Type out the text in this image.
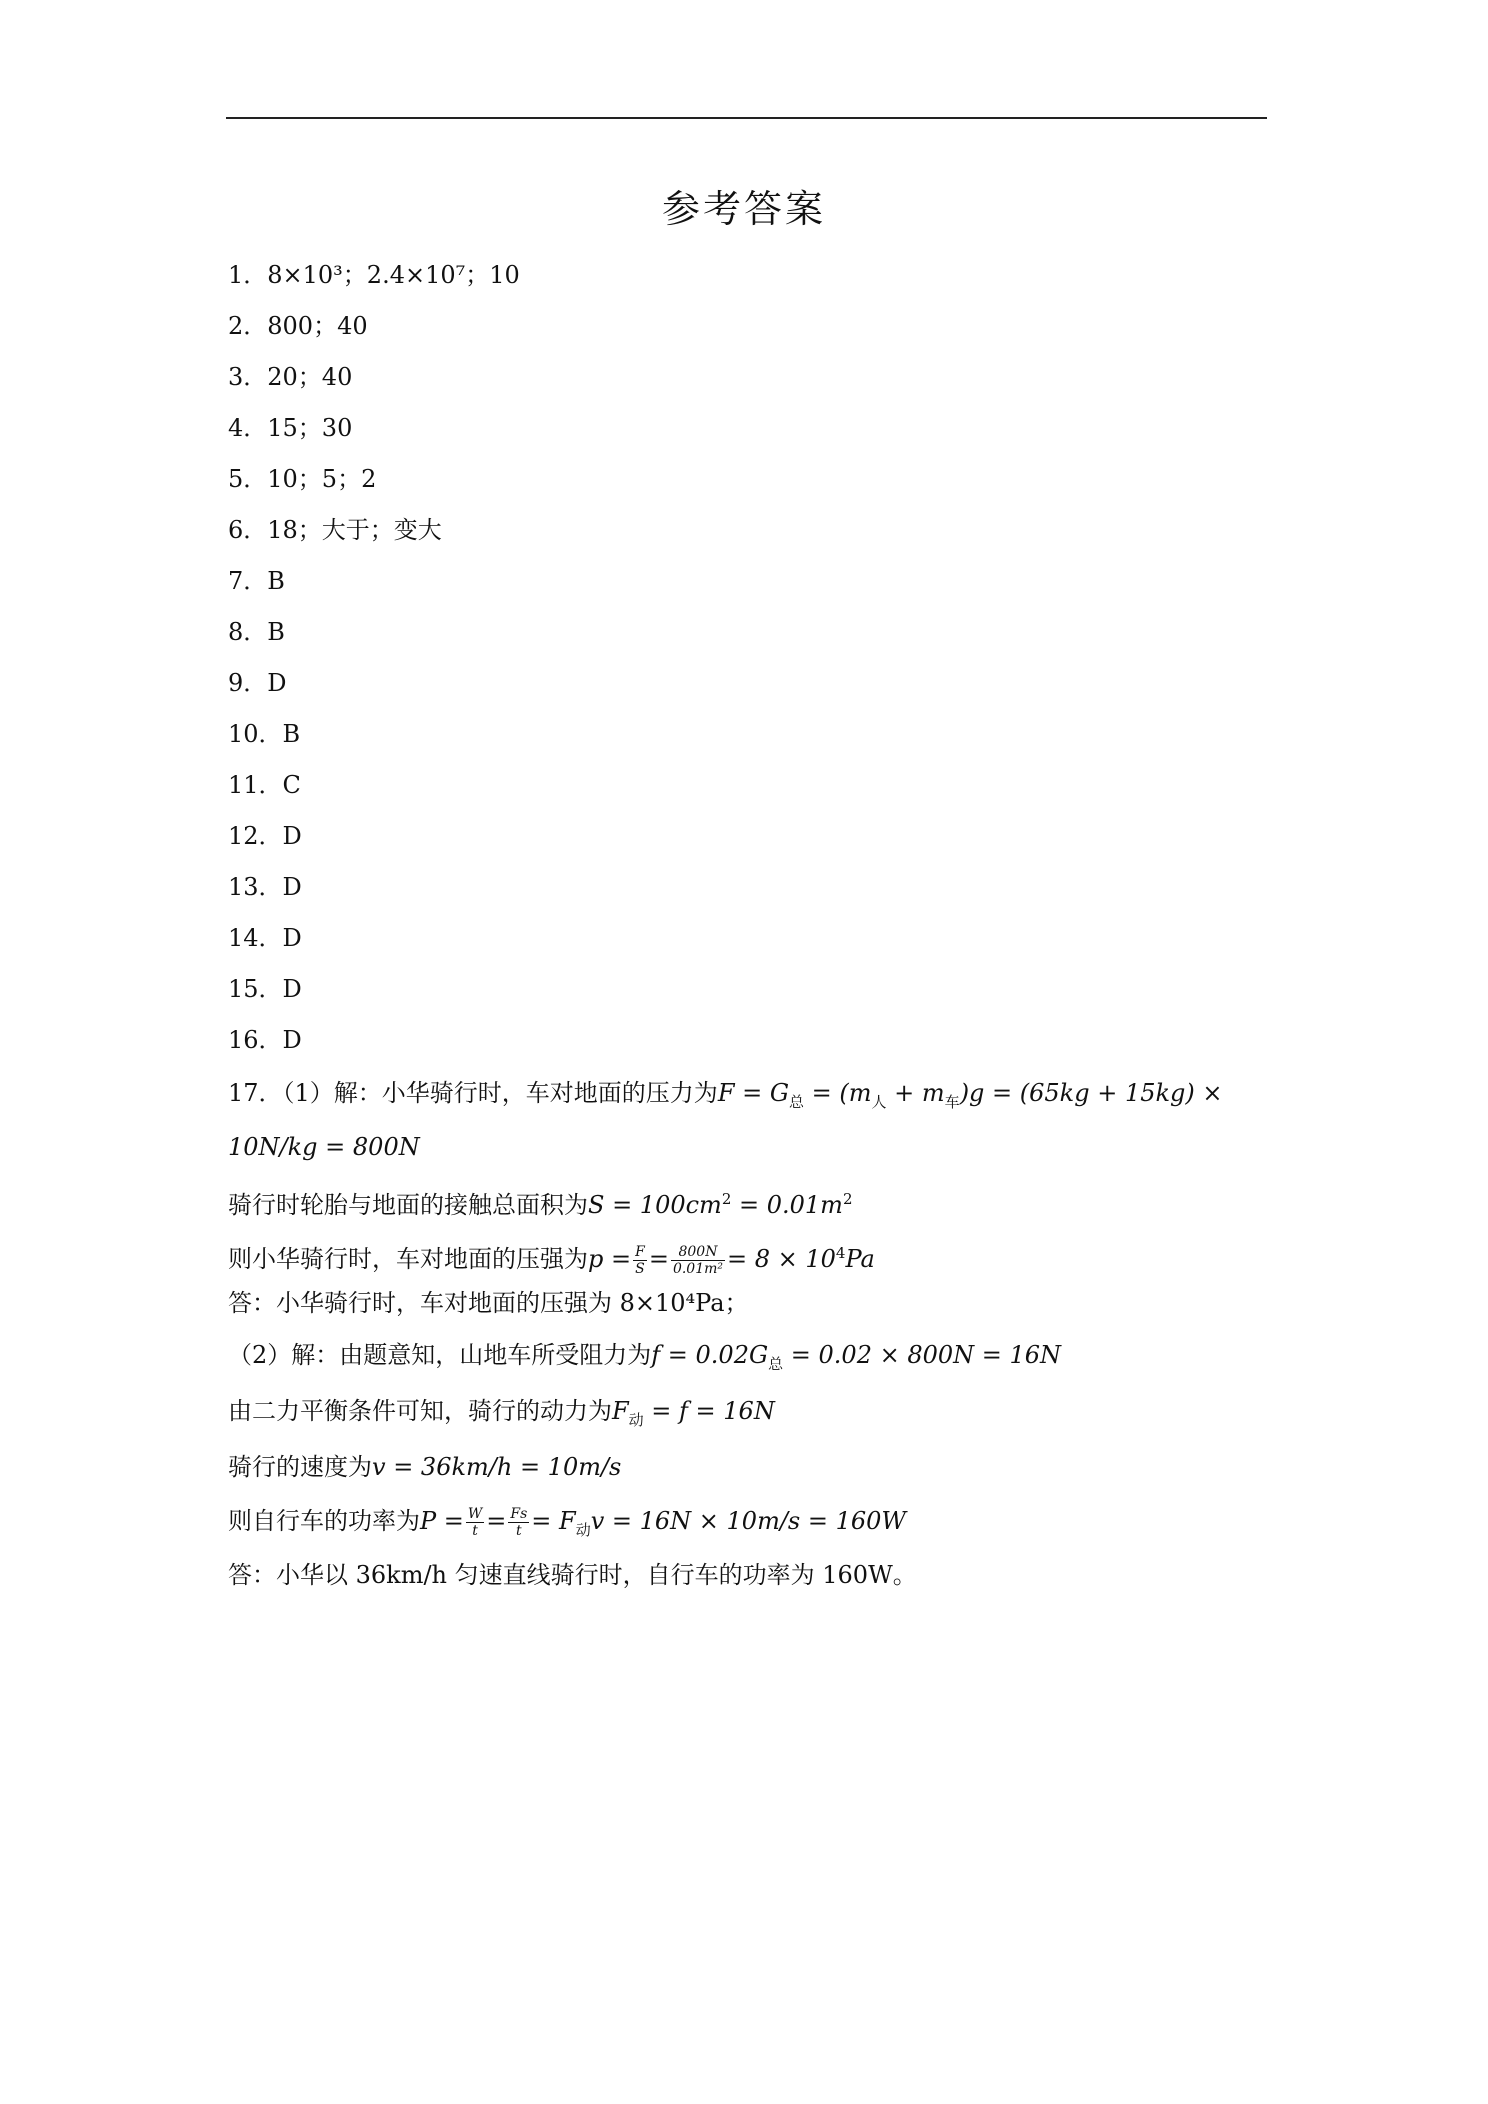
参考答案
1．8×10³；2.4×10⁷；10
2．800；40
3．20；40
4．15；30
5．10；5；2
6．18；大于；变大
7．B
8．B
9．D
10．B
11．C
12．D
13．D
14．D
15．D
16．D
17．（1）解：小华骑行时，车对地面的压力为$F = G_总 = (m_人 + m_车)g = (65kg + 15kg)$ ×
10N/kg = 800N
骑行时轮胎与地面的接触总面积为$S = 100cm^2 = 0.01m^2$
则小华骑行时，车对地面的压强为$p = \frac{F}{S} = \frac{800N}{\text{0.01m²}} = 8 \times 10^4Pa$
答：小华骑行时，车对地面的压强为 8×10⁴Pa；
（2）解：由题意知，山地车所受阻力为$f = 0.02G_总 = 0.02 \times 800N = 16N$
由二力平衡条件可知，骑行的动力为$F_动 = f = 16N$
骑行的速度为v = 36km/h = 10m/s
则自行车的功率为$P = \frac{W}{t} = \frac{Fs}{t} = F_动v = 16N \times 10m/s = 160W$
答：小华以 36km/h 匀速直线骑行时，自行车的功率为 160W。
